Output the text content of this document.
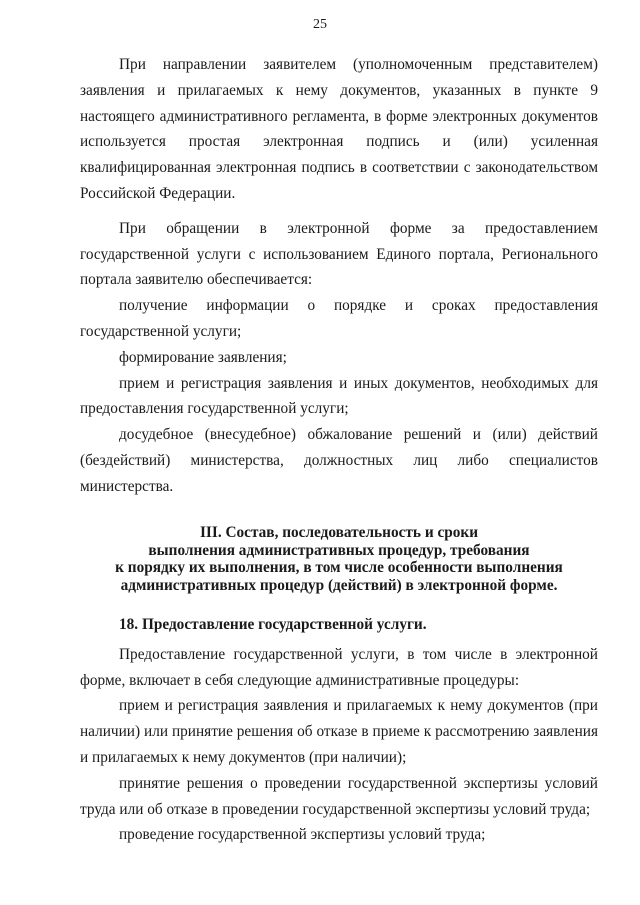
25

При направлении заявителем (уполномоченным представителем) заявления и прилагаемых к нему документов, указанных в пункте 9 настоящего административного регламента, в форме электронных документов используется простая электронная подпись и (или) усиленная квалифицированная электронная подпись в соответствии с законодательством Российской Федерации.

При обращении в электронной форме за предоставлением государственной услуги с использованием Единого портала, Регионального портала заявителю обеспечивается:

получение информации о порядке и сроках предоставления государственной услуги;

формирование заявления;

прием и регистрация заявления и иных документов, необходимых для предоставления государственной услуги;

досудебное (внесудебное) обжалование решений и (или) действий (бездействий) министерства, должностных лиц либо специалистов министерства.

III. Состав, последовательность и сроки
выполнения административных процедур, требования
к порядку их выполнения, в том числе особенности выполнения
административных процедур (действий) в электронной форме.
18. Предоставление государственной услуги.

Предоставление государственной услуги, в том числе в электронной форме, включает в себя следующие административные процедуры:

прием и регистрация заявления и прилагаемых к нему документов (при наличии) или принятие решения об отказе в приеме к рассмотрению заявления и прилагаемых к нему документов (при наличии);

принятие решения о проведении государственной экспертизы условий труда или об отказе в проведении государственной экспертизы условий труда;

проведение государственной экспертизы условий труда;
